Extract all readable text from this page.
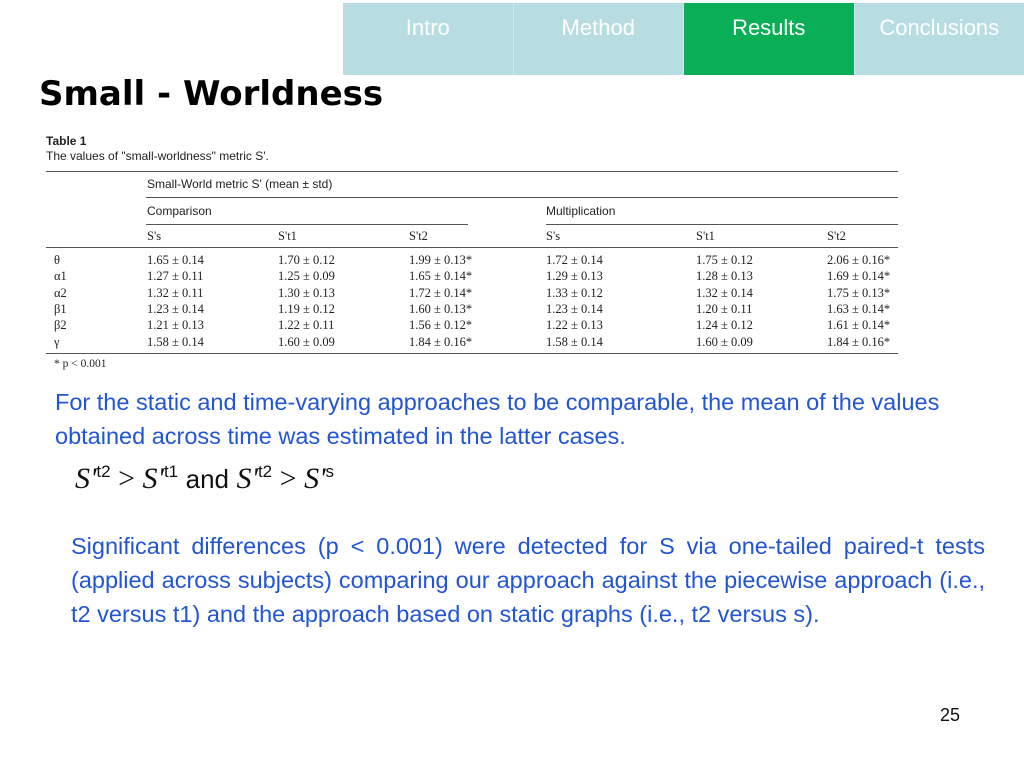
Intro	Method	Results	Conclusions
Small - Worldness
Table 1
The values of "small-worldness" metric S'.
Small-World metric S' (mean ± std)
Comparison	Multiplication
S's	S't1	S't2	S's	S't1	S't2
θ	1.65 ± 0.14	1.70 ± 0.12	1.99 ± 0.13*	1.72 ± 0.14	1.75 ± 0.12	2.06 ± 0.16*
α1	1.27 ± 0.11	1.25 ± 0.09	1.65 ± 0.14*	1.29 ± 0.13	1.28 ± 0.13	1.69 ± 0.14*
α2	1.32 ± 0.11	1.30 ± 0.13	1.72 ± 0.14*	1.33 ± 0.12	1.32 ± 0.14	1.75 ± 0.13*
β1	1.23 ± 0.14	1.19 ± 0.12	1.60 ± 0.13*	1.23 ± 0.14	1.20 ± 0.11	1.63 ± 0.14*
β2	1.21 ± 0.13	1.22 ± 0.11	1.56 ± 0.12*	1.22 ± 0.13	1.24 ± 0.12	1.61 ± 0.14*
γ	1.58 ± 0.14	1.60 ± 0.09	1.84 ± 0.16*	1.58 ± 0.14	1.60 ± 0.09	1.84 ± 0.16*
* p < 0.001

For the static and time-varying approaches to be comparable, the mean of the values obtained across time was estimated in the latter cases.

$S'^{t2} > S'^{t1}$ and $S'^{t2} > S'^s$

Significant differences (p < 0.001) were detected for S via one-tailed paired-t tests (applied across subjects) comparing our approach against the piecewise approach (i.e., t2 versus t1) and the approach based on static graphs (i.e., t2 versus s).

25
